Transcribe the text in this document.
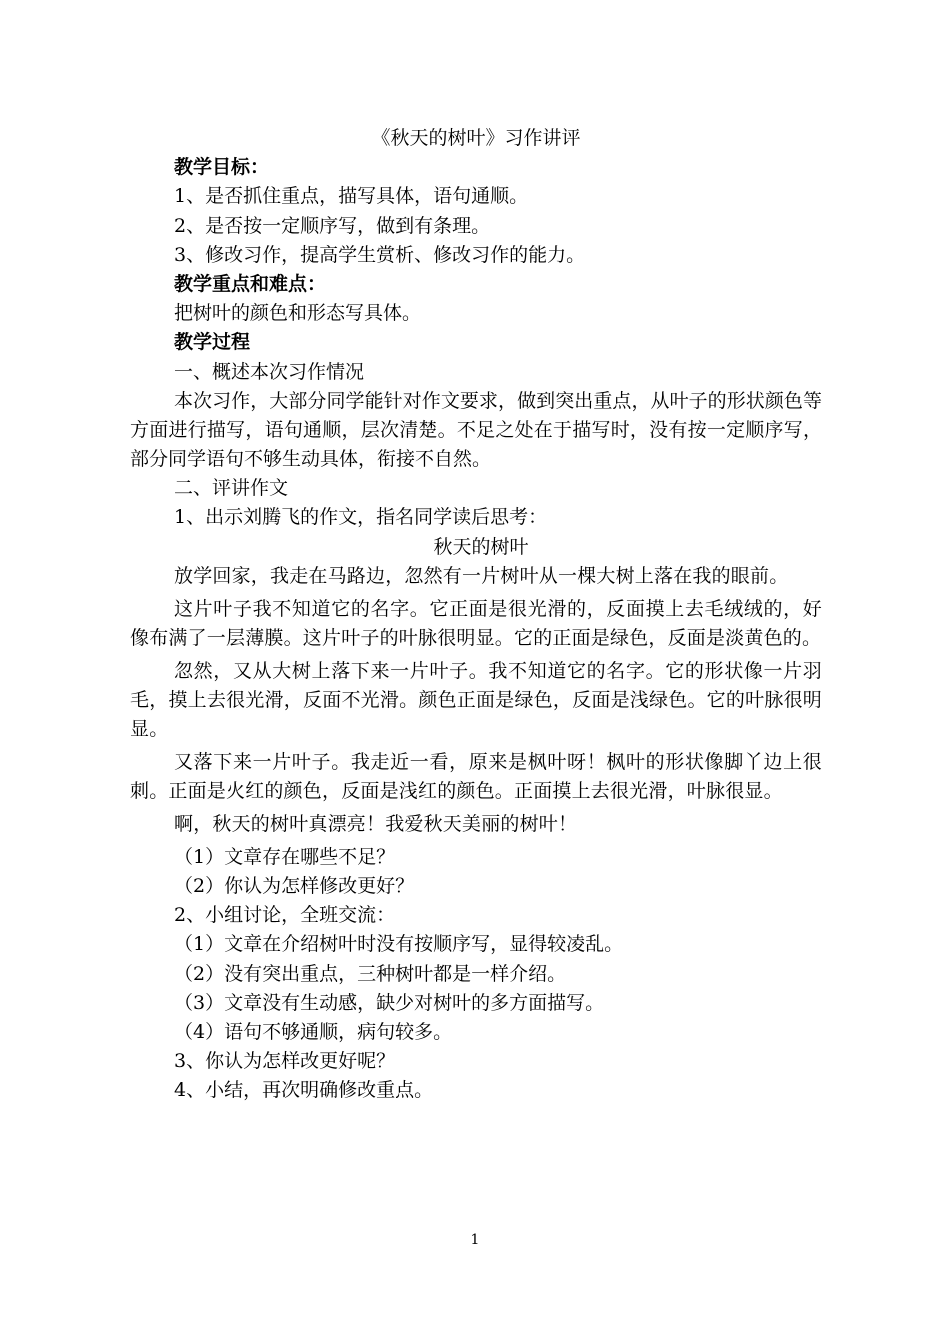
《秋天的树叶》习作讲评
教学目标：
1、是否抓住重点，描写具体，语句通顺。
2、是否按一定顺序写，做到有条理。
3、修改习作，提高学生赏析、修改习作的能力。
教学重点和难点：
把树叶的颜色和形态写具体。
教学过程
一、概述本次习作情况

本次习作，大部分同学能针对作文要求，做到突出重点，从叶子的形状颜色等方面进行描写，语句通顺，层次清楚。不足之处在于描写时，没有按一定顺序写，部分同学语句不够生动具体，衔接不自然。

二、评讲作文
1、出示刘腾飞的作文，指名同学读后思考：
秋天的树叶

放学回家，我走在马路边，忽然有一片树叶从一棵大树上落在我的眼前。

这片叶子我不知道它的名字。它正面是很光滑的，反面摸上去毛绒绒的，好像布满了一层薄膜。这片叶子的叶脉很明显。它的正面是绿色，反面是淡黄色的。

忽然，又从大树上落下来一片叶子。我不知道它的名字。它的形状像一片羽毛，摸上去很光滑，反面不光滑。颜色正面是绿色，反面是浅绿色。它的叶脉很明显。

又落下来一片叶子。我走近一看，原来是枫叶呀！枫叶的形状像脚丫边上很刺。正面是火红的颜色，反面是浅红的颜色。正面摸上去很光滑，叶脉很显。

啊，秋天的树叶真漂亮！我爱秋天美丽的树叶！

（1）文章存在哪些不足？
（2）你认为怎样修改更好？
2、小组讨论，全班交流：
（1）文章在介绍树叶时没有按顺序写，显得较凌乱。
（2）没有突出重点，三种树叶都是一样介绍。
（3）文章没有生动感，缺少对树叶的多方面描写。
（4）语句不够通顺，病句较多。
3、你认为怎样改更好呢？
4、小结，再次明确修改重点。
1
